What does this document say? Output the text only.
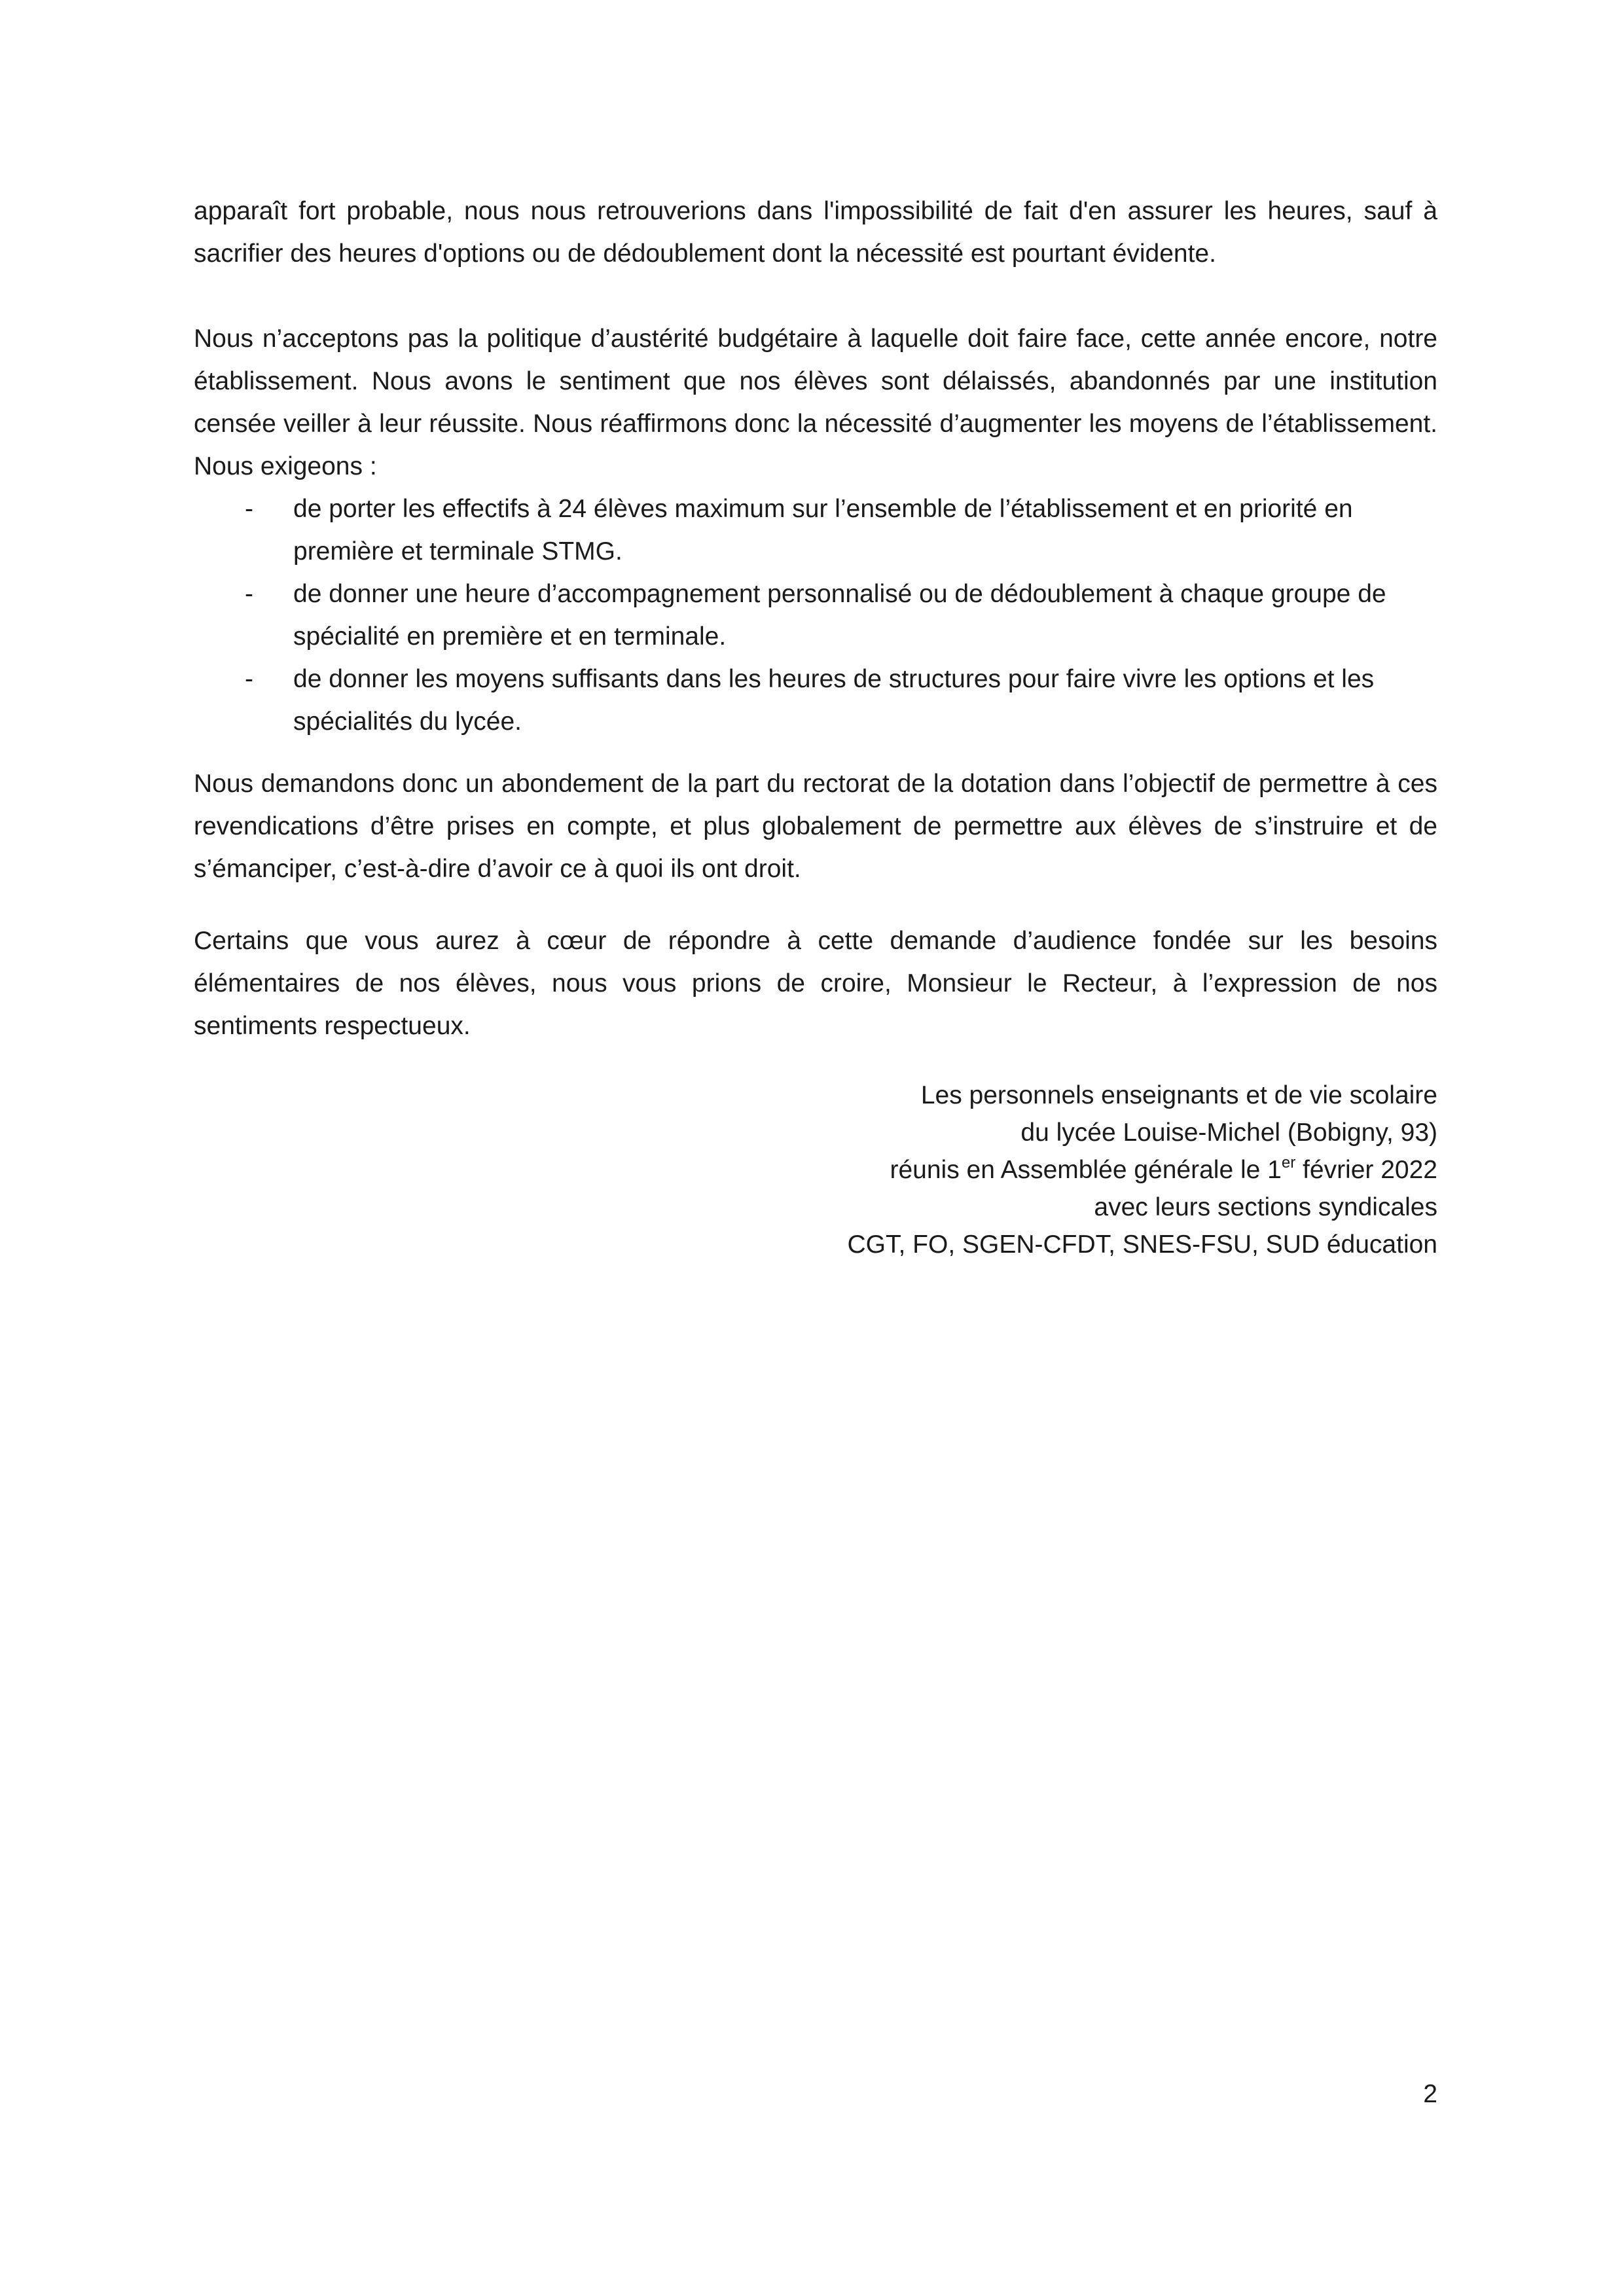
apparaît fort probable, nous nous retrouverions dans l'impossibilité de fait d'en assurer les heures, sauf à sacrifier des heures d'options ou de dédoublement dont la nécessité est pourtant évidente.

Nous n’acceptons pas la politique d’austérité budgétaire à laquelle doit faire face, cette année encore, notre établissement. Nous avons le sentiment que nos élèves sont délaissés, abandonnés par une institution censée veiller à leur réussite. Nous réaffirmons donc la nécessité d’augmenter les moyens de l’établissement. Nous exigeons :

- de porter les effectifs à 24 élèves maximum sur l’ensemble de l’établissement et en priorité en première et terminale STMG.
- de donner une heure d’accompagnement personnalisé ou de dédoublement à chaque groupe de spécialité en première et en terminale.
- de donner les moyens suffisants dans les heures de structures pour faire vivre les options et les spécialités du lycée.

Nous demandons donc un abondement de la part du rectorat de la dotation dans l’objectif de permettre à ces revendications d’être prises en compte, et plus globalement de permettre aux élèves de s’instruire et de s’émanciper, c’est-à-dire d’avoir ce à quoi ils ont droit.

Certains que vous aurez à cœur de répondre à cette demande d’audience fondée sur les besoins élémentaires de nos élèves, nous vous prions de croire, Monsieur le Recteur, à l’expression de nos sentiments respectueux.

Les personnels enseignants et de vie scolaire
du lycée Louise-Michel (Bobigny, 93)
réunis en Assemblée générale le 1er février 2022
avec leurs sections syndicales
CGT, FO, SGEN-CFDT, SNES-FSU, SUD éducation
2
